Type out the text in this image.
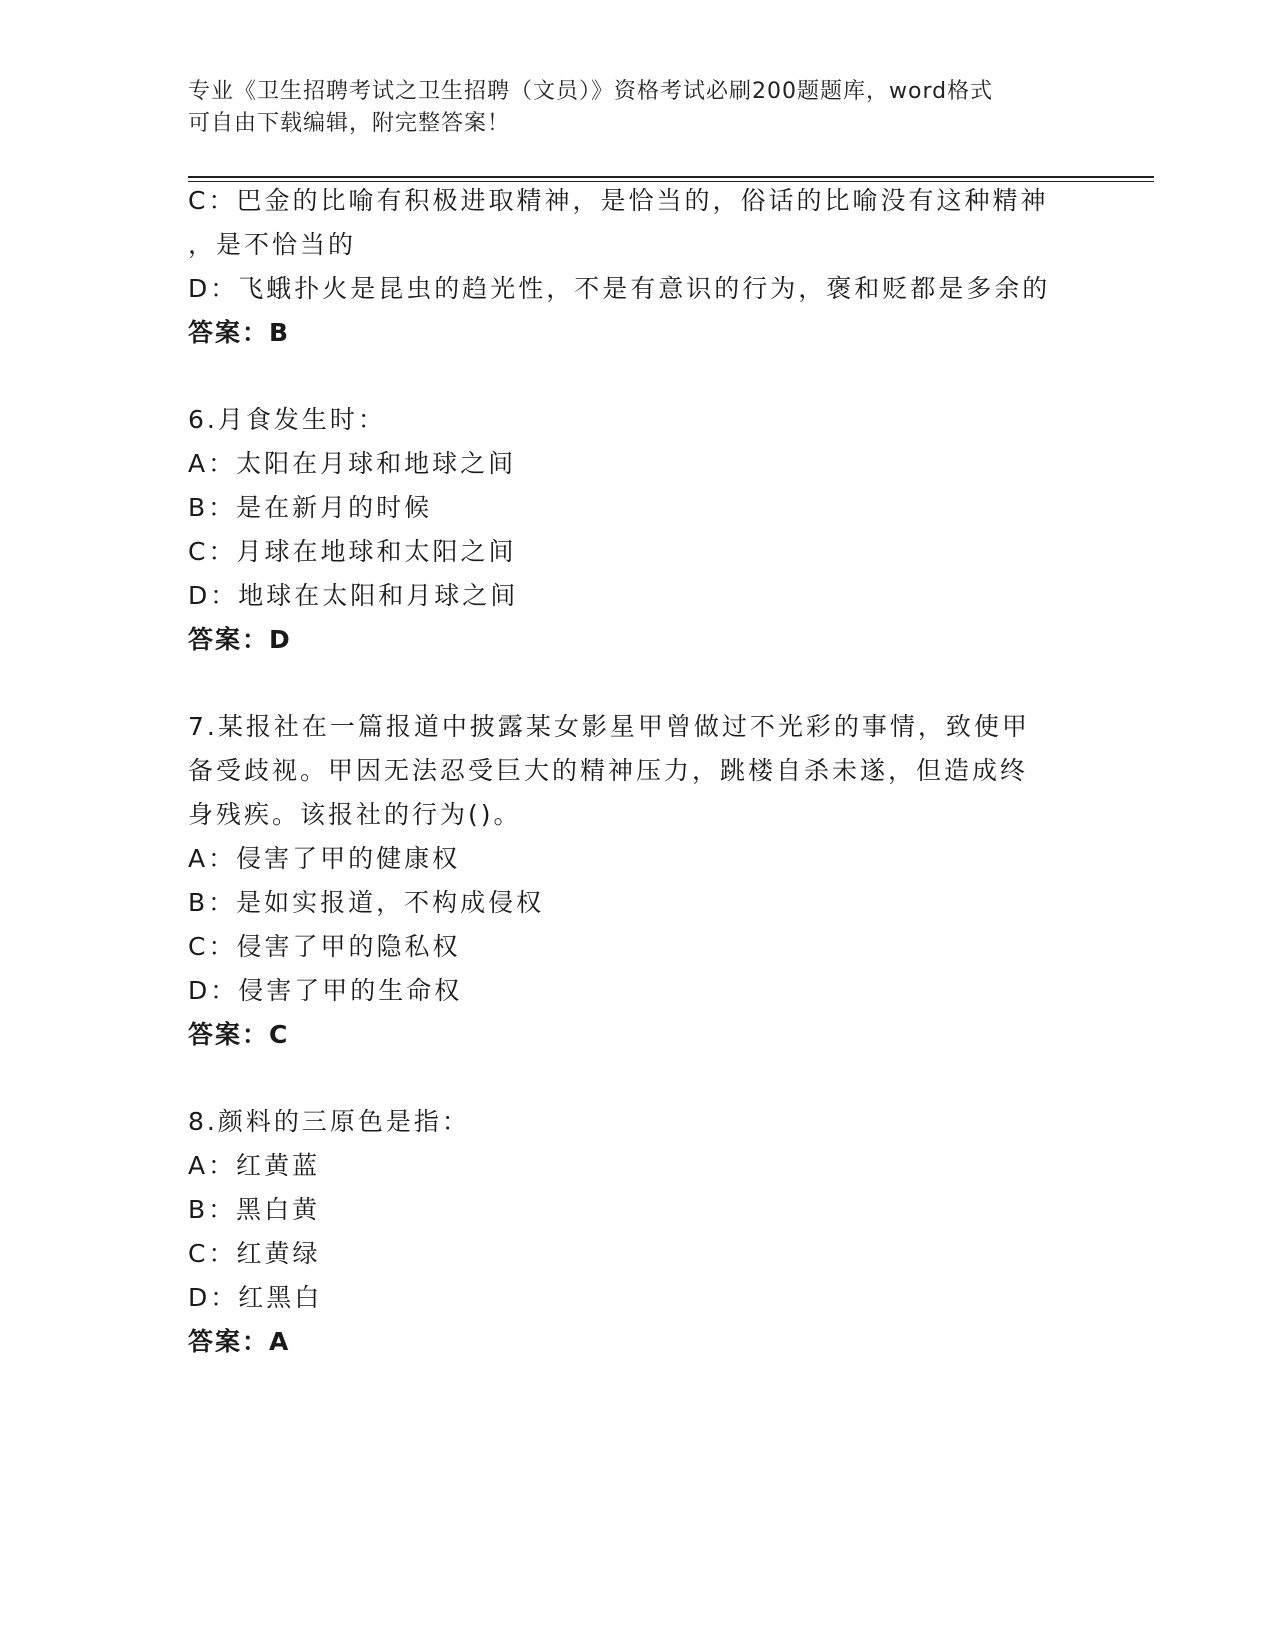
专业《卫生招聘考试之卫生招聘（文员）》资格考试必刷200题题库，word格式
可自由下载编辑，附完整答案！
C：巴金的比喻有积极进取精神，是恰当的，俗话的比喻没有这种精神
，是不恰当的
D：飞蛾扑火是昆虫的趋光性，不是有意识的行为，褒和贬都是多余的
答案：B
6.月食发生时：
A：太阳在月球和地球之间
B：是在新月的时候
C：月球在地球和太阳之间
D：地球在太阳和月球之间
答案：D
7.某报社在一篇报道中披露某女影星甲曾做过不光彩的事情，致使甲
备受歧视。甲因无法忍受巨大的精神压力，跳楼自杀未遂，但造成终
身残疾。该报社的行为()。
A：侵害了甲的健康权
B：是如实报道，不构成侵权
C：侵害了甲的隐私权
D：侵害了甲的生命权
答案：C
8.颜料的三原色是指：
A：红黄蓝
B：黑白黄
C：红黄绿
D：红黑白
答案：A
